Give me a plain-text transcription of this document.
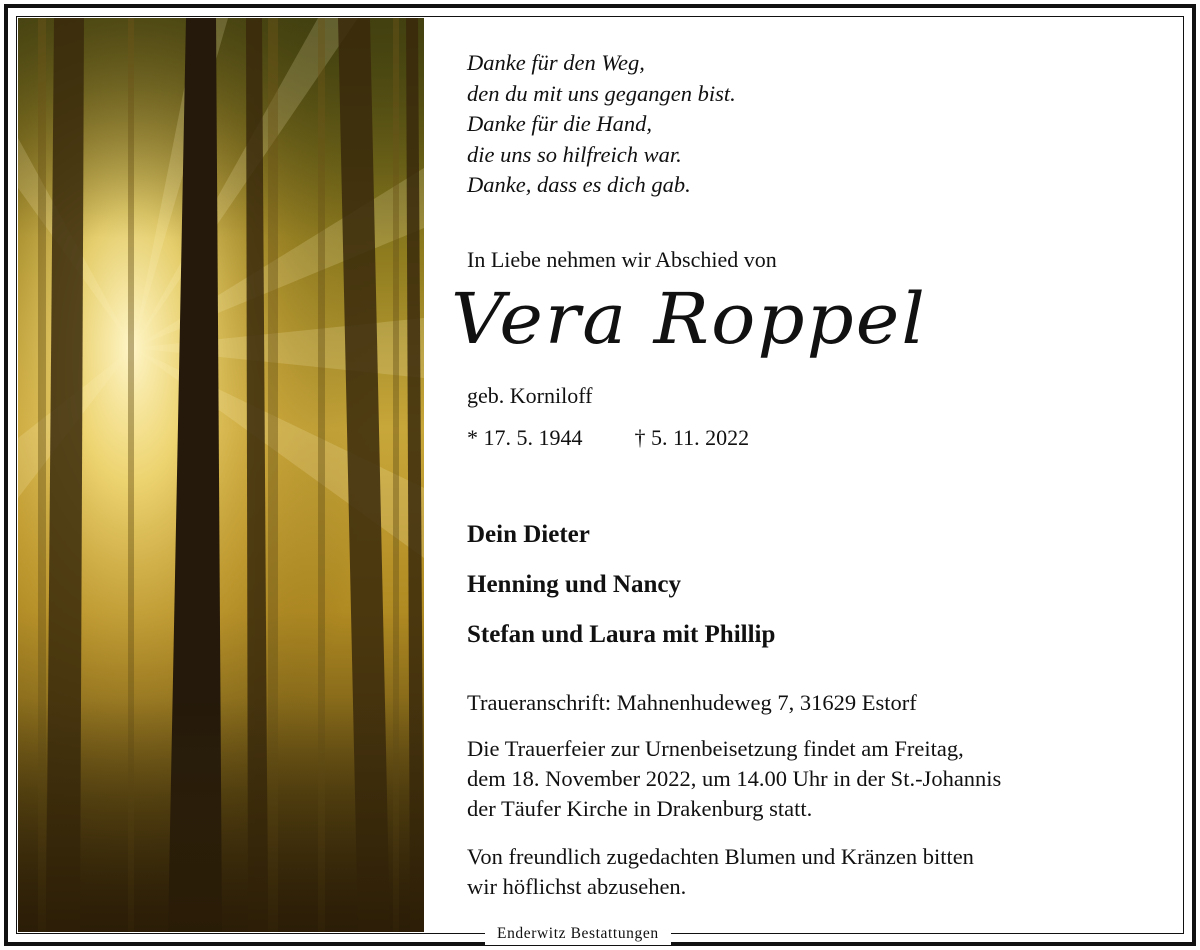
Danke für den Weg,
den du mit uns gegangen bist.
Danke für die Hand,
die uns so hilfreich war.
Danke, dass es dich gab.
In Liebe nehmen wir Abschied von
Vera Roppel
geb. Korniloff
* 17. 5. 1944 † 5. 11. 2022
Dein Dieter
Henning und Nancy
Stefan und Laura mit Phillip
Traueranschrift: Mahnenhudeweg 7, 31629 Estorf
Die Trauerfeier zur Urnenbeisetzung findet am Freitag,
dem 18. November 2022, um 14.00 Uhr in der St.-Johannis
der Täufer Kirche in Drakenburg statt.
Von freundlich zugedachten Blumen und Kränzen bitten
wir höflichst abzusehen.
Enderwitz Bestattungen
